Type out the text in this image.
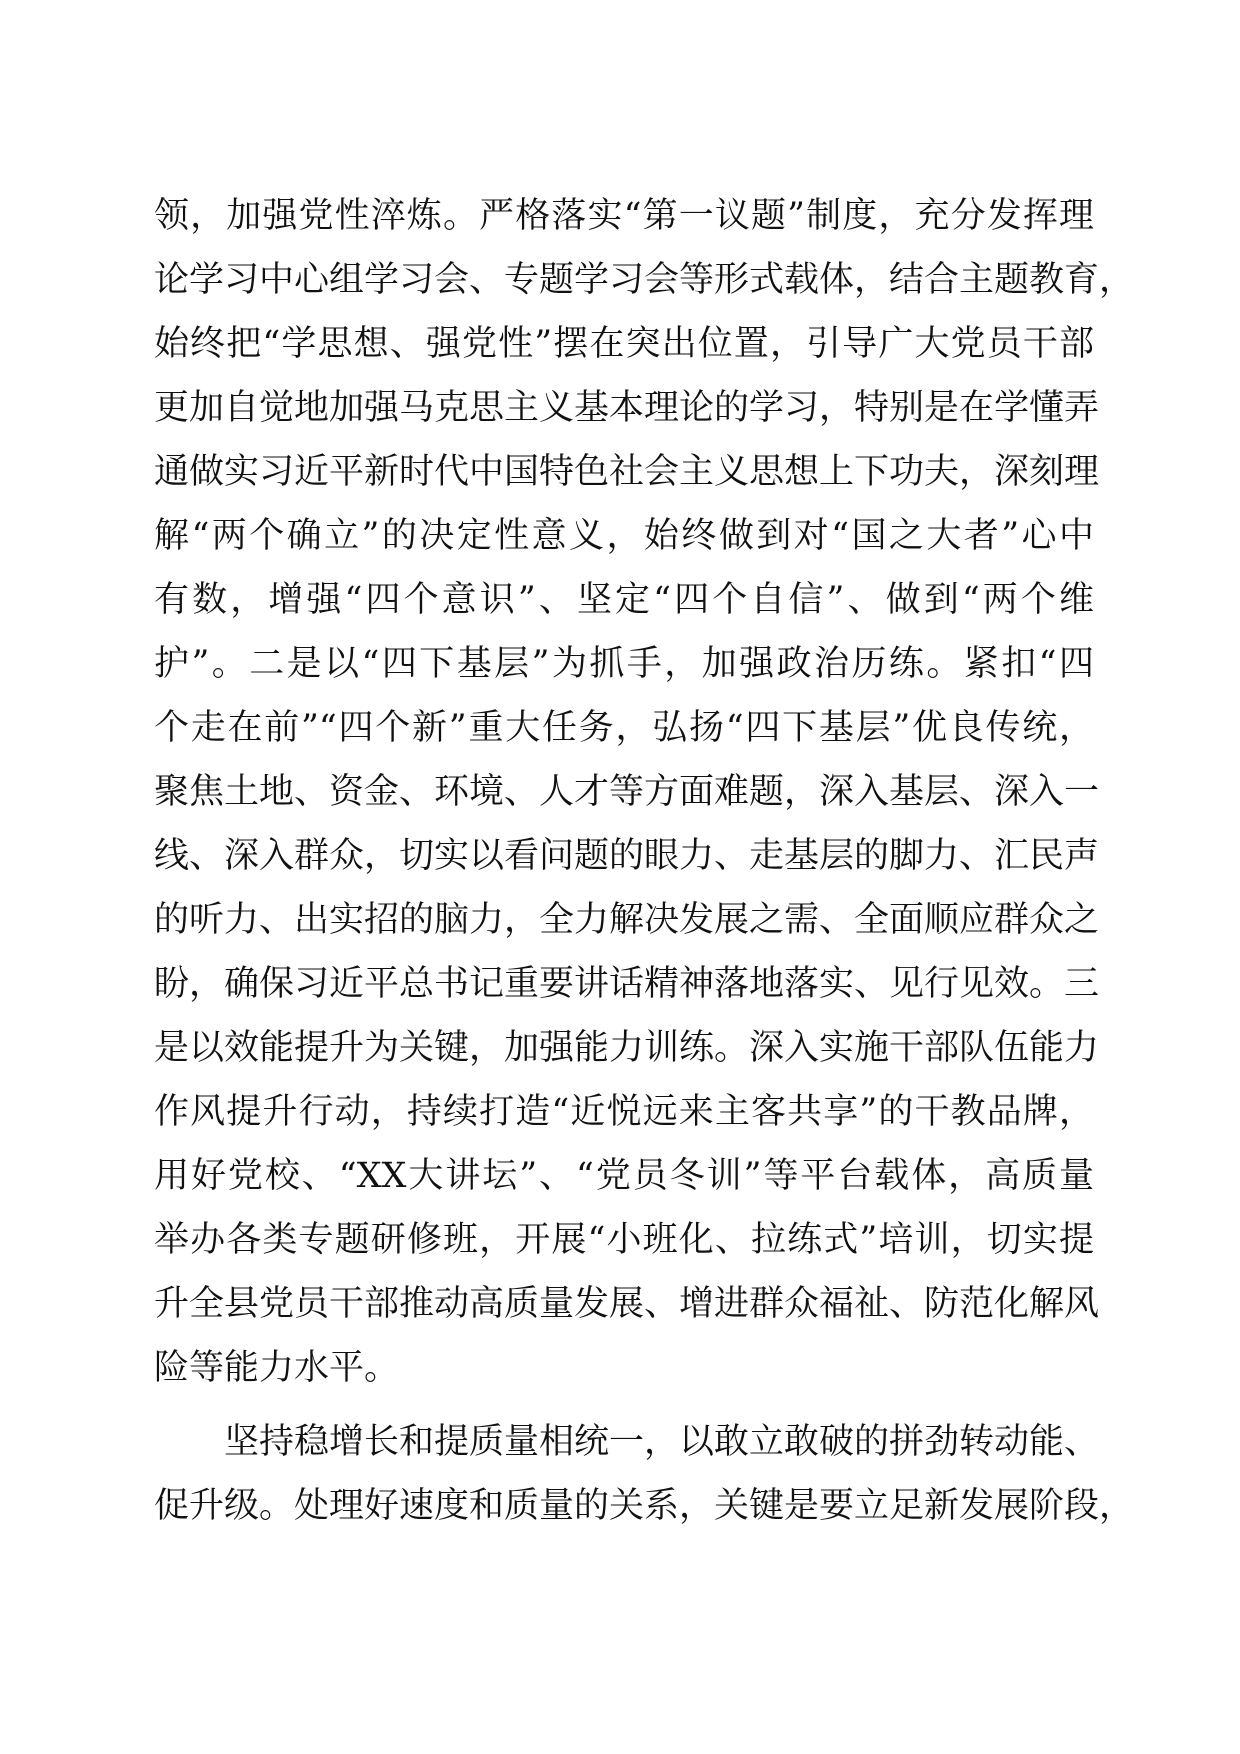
领，加强党性淬炼。严格落实“第一议题”制度，充分发挥理
论学习中心组学习会、专题学习会等形式载体，结合主题教育，
始终把“学思想、强党性”摆在突出位置，引导广大党员干部
更加自觉地加强马克思主义基本理论的学习，特别是在学懂弄
通做实习近平新时代中国特色社会主义思想上下功夫，深刻理
解“两个确立”的决定性意义，始终做到对“国之大者”心中
有数，增强“四个意识”、坚定“四个自信”、做到“两个维
护”。二是以“四下基层”为抓手，加强政治历练。紧扣“四
个走在前”“四个新”重大任务，弘扬“四下基层”优良传统，
聚焦土地、资金、环境、人才等方面难题，深入基层、深入一
线、深入群众，切实以看问题的眼力、走基层的脚力、汇民声
的听力、出实招的脑力，全力解决发展之需、全面顺应群众之
盼，确保习近平总书记重要讲话精神落地落实、见行见效。三
是以效能提升为关键，加强能力训练。深入实施干部队伍能力
作风提升行动，持续打造“近悦远来主客共享”的干教品牌，
用好党校、“XX大讲坛”、“党员冬训”等平台载体，高质量
举办各类专题研修班，开展“小班化、拉练式”培训，切实提
升全县党员干部推动高质量发展、增进群众福祉、防范化解风
险等能力水平。
坚持稳增长和提质量相统一，以敢立敢破的拼劲转动能、
促升级。处理好速度和质量的关系，关键是要立足新发展阶段，
